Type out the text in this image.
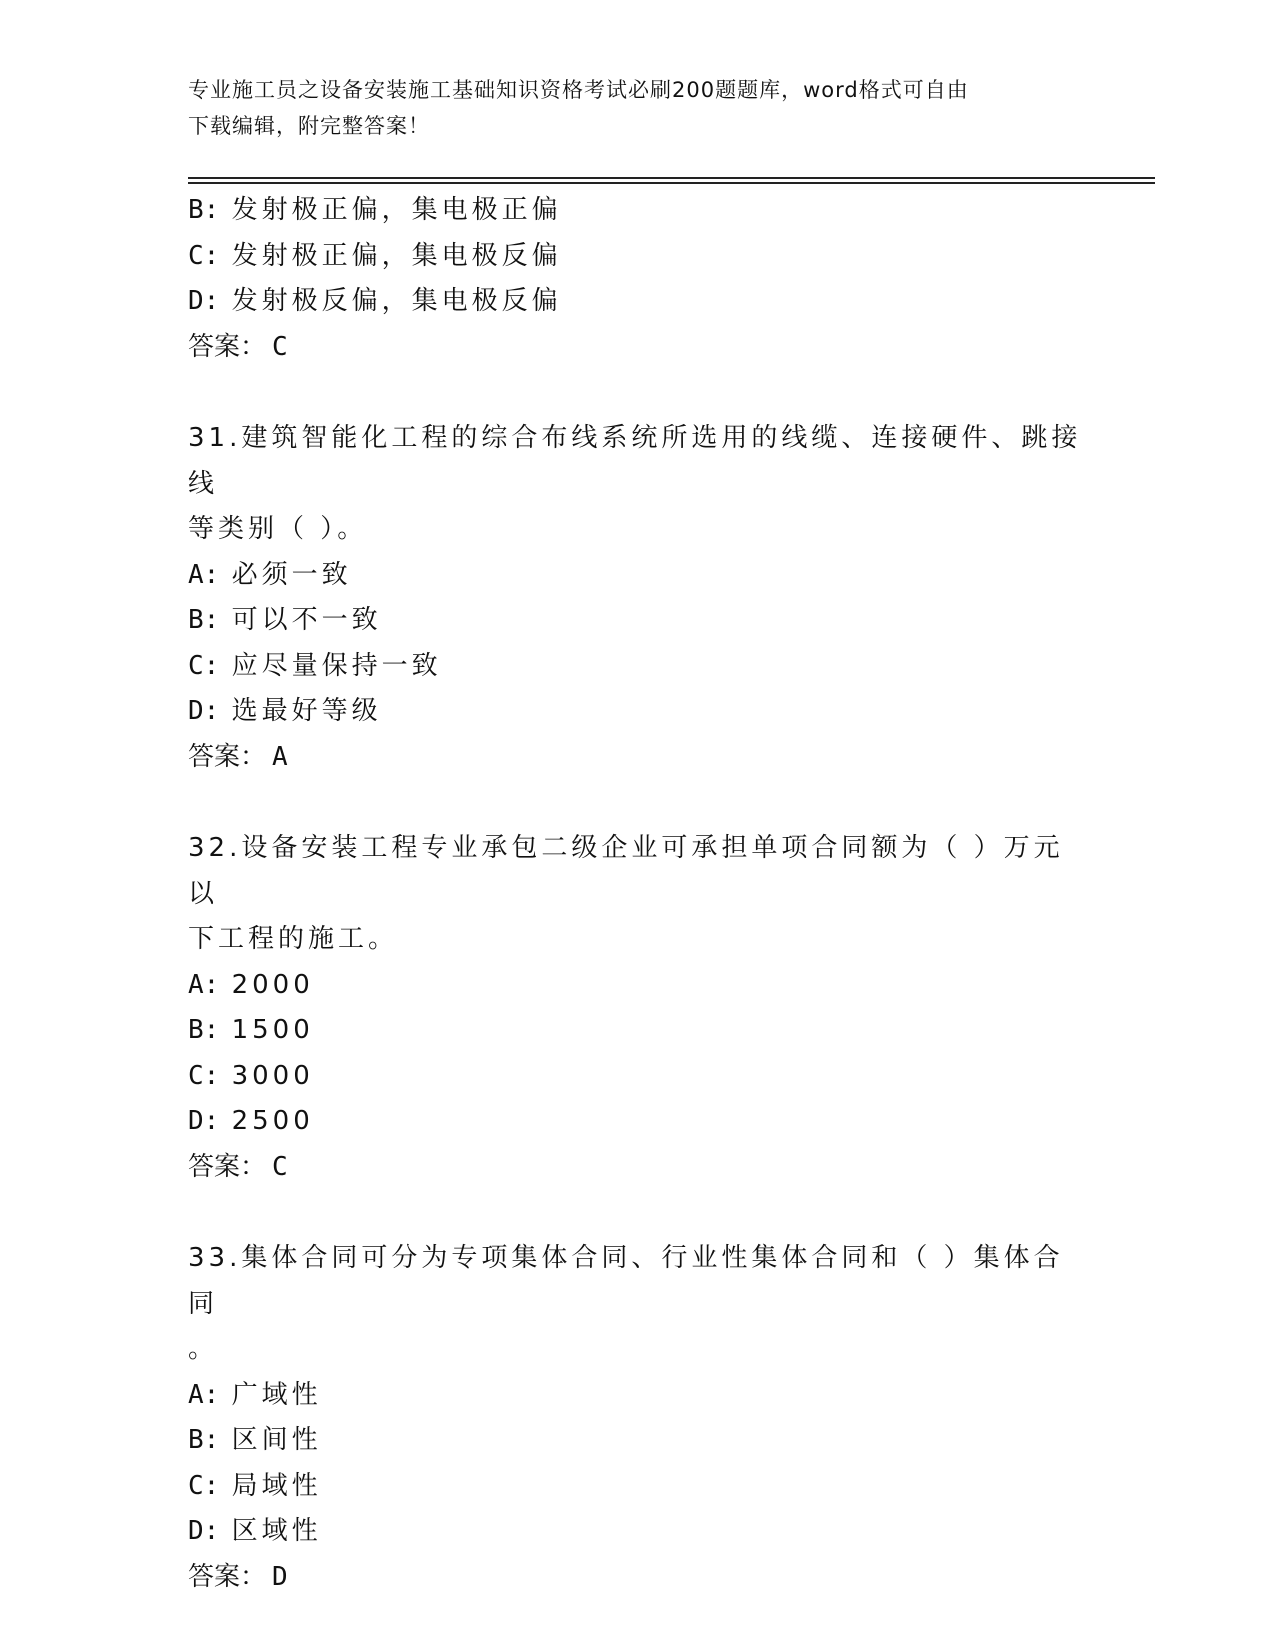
专业施工员之设备安装施工基础知识资格考试必刷200题题库，word格式可自由
下载编辑，附完整答案！

B: 发射极正偏，集电极正偏

C: 发射极正偏，集电极反偏

D: 发射极反偏，集电极反偏

答案： C

31.建筑智能化工程的综合布线系统所选用的线缆、连接硬件、跳接线
等类别（ ）。

A: 必须一致

B: 可以不一致

C: 应尽量保持一致

D: 选最好等级

答案： A

32.设备安装工程专业承包二级企业可承担单项合同额为（ ）万元以
下工程的施工。

A: 2000

B: 1500

C: 3000

D: 2500

答案： C

33.集体合同可分为专项集体合同、行业性集体合同和（ ）集体合同
。

A: 广域性

B: 区间性

C: 局域性

D: 区域性

答案： D
